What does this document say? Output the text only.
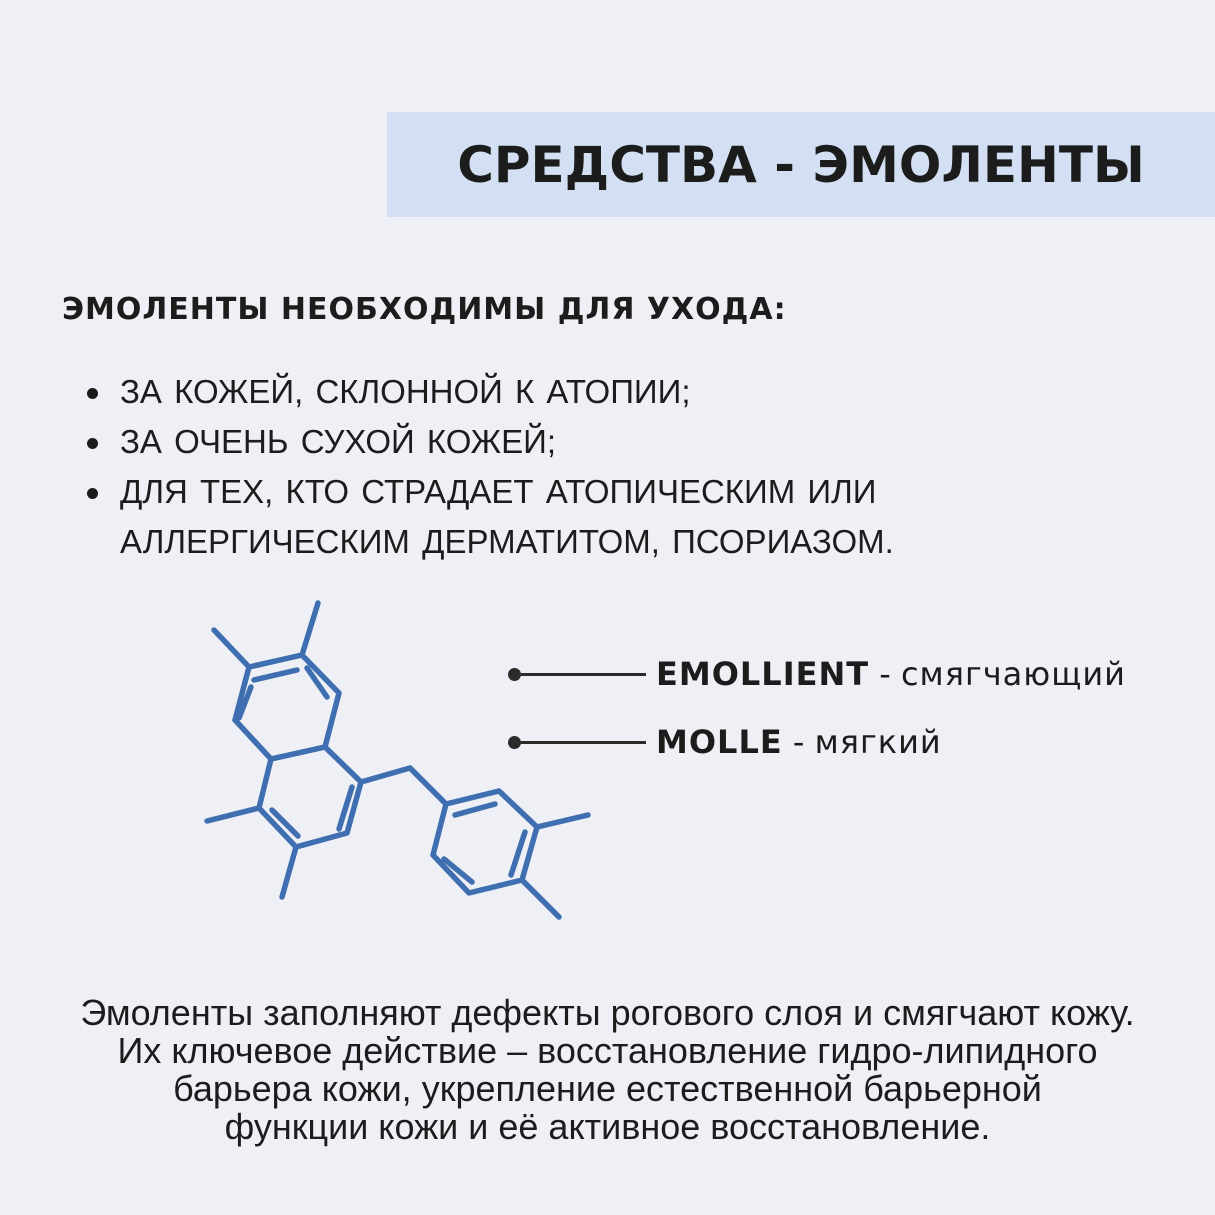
СРЕДСТВА - ЭМОЛЕНТЫ

ЭМОЛЕНТЫ НЕОБХОДИМЫ ДЛЯ УХОДА:

ЗА КОЖЕЙ, СКЛОННОЙ К АТОПИИ;
ЗА ОЧЕНЬ СУХОЙ КОЖЕЙ;
ДЛЯ ТЕХ, КТО СТРАДАЕТ АТОПИЧЕСКИМ ИЛИ АЛЛЕРГИЧЕСКИМ ДЕРМАТИТОМ, ПСОРИАЗОМ.
EMOLLIENT - смягчающий
MOLLE - мягкий
Эмоленты заполняют дефекты рогового слоя и смягчают кожу.
Их ключевое действие – восстановление гидро-липидного
барьера кожи, укрепление естественной барьерной
функции кожи и её активное восстановление.
